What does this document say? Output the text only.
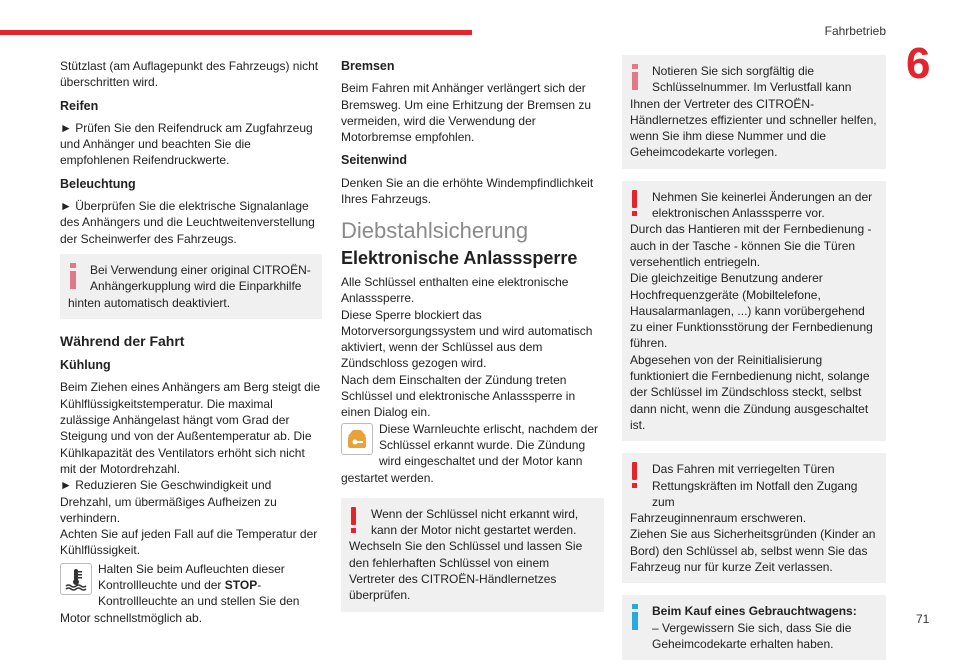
Fahrbetrieb
6

Stützlast (am Auflagepunkt des Fahrzeugs) nicht überschritten wird.

Reifen

► Prüfen Sie den Reifendruck am Zugfahrzeug und Anhänger und beachten Sie die empfohlenen Reifendruckwerte.

Beleuchtung

► Überprüfen Sie die elektrische Signalanlage des Anhängers und die Leuchtweitenverstellung der Scheinwerfer des Fahrzeugs.

Bei Verwendung einer original CITROËN-Anhängerkupplung wird die Einparkhilfe
hinten automatisch deaktiviert.
Während der Fahrt
Kühlung

Beim Ziehen eines Anhängers am Berg steigt die Kühlflüssigkeitstemperatur. Die maximal zulässige Anhängelast hängt vom Grad der Steigung und von der Außentemperatur ab. Die Kühlkapazität des Ventilators erhöht sich nicht mit der Motordrehzahl.

► Reduzieren Sie Geschwindigkeit und Drehzahl, um übermäßiges Aufheizen zu verhindern.

Achten Sie auf jeden Fall auf die Temperatur der Kühlflüssigkeit.

Halten Sie beim Aufleuchten dieser Kontrollleuchte und der STOP-Kontrollleuchte an und stellen Sie den Motor schnellstmöglich ab.
Bremsen

Beim Fahren mit Anhänger verlängert sich der Bremsweg. Um eine Erhitzung der Bremsen zu vermeiden, wird die Verwendung der Motorbremse empfohlen.

Seitenwind

Denken Sie an die erhöhte Windempfindlichkeit Ihres Fahrzeugs.

Diebstahlsicherung
Elektronische Anlasssperre

Alle Schlüssel enthalten eine elektronische Anlasssperre.

Diese Sperre blockiert das Motorversorgungssystem und wird automatisch aktiviert, wenn der Schlüssel aus dem Zündschloss gezogen wird.

Nach dem Einschalten der Zündung treten Schlüssel und elektronische Anlasssperre in einen Dialog ein.

Diese Warnleuchte erlischt, nachdem der Schlüssel erkannt wurde. Die Zündung wird eingeschaltet und der Motor kann gestartet werden.
Wenn der Schlüssel nicht erkannt wird, kann der Motor nicht gestartet werden.
Wechseln Sie den Schlüssel und lassen Sie den fehlerhaften Schlüssel von einem Vertreter des CITROËN-Händlernetzes überprüfen.
Notieren Sie sich sorgfältig die Schlüsselnummer. Im Verlustfall kann
Ihnen der Vertreter des CITROËN-Händlernetzes effizienter und schneller helfen, wenn Sie ihm diese Nummer und die Geheimcodekarte vorlegen.
Nehmen Sie keinerlei Änderungen an der elektronischen Anlasssperre vor.
Durch das Hantieren mit der Fernbedienung - auch in der Tasche - können Sie die Türen versehentlich entriegeln.
Die gleichzeitige Benutzung anderer Hochfrequenzgeräte (Mobiltelefone, Hausalarmanlagen, ...) kann vorübergehend zu einer Funktionsstörung der Fernbedienung führen.
Abgesehen von der Reinitialisierung funktioniert die Fernbedienung nicht, solange der Schlüssel im Zündschloss steckt, selbst dann nicht, wenn die Zündung ausgeschaltet ist.
Das Fahren mit verriegelten Türen
Rettungskräften im Notfall den Zugang zum
Fahrzeuginnenraum erschweren.
Ziehen Sie aus Sicherheitsgründen (Kinder an Bord) den Schlüssel ab, selbst wenn Sie das Fahrzeug nur für kurze Zeit verlassen.
Beim Kauf eines Gebrauchtwagens:
– Vergewissern Sie sich, dass Sie die Geheimcodekarte erhalten haben.
71
